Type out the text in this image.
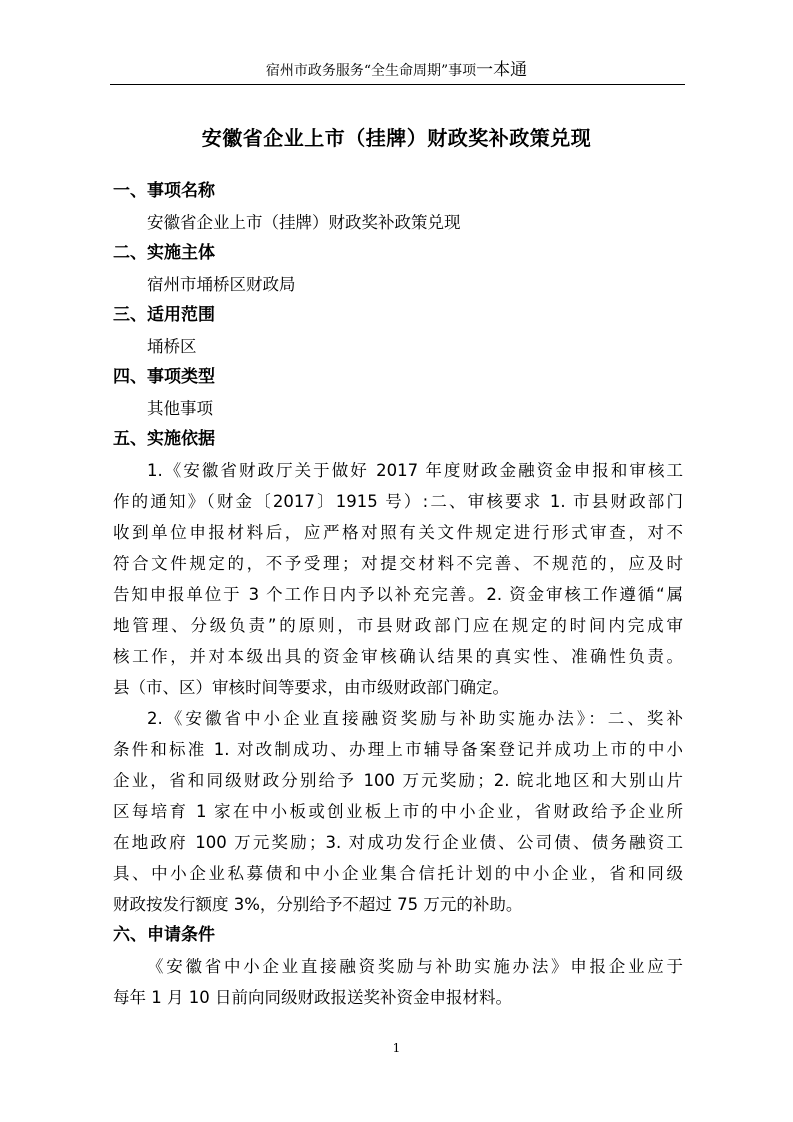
宿州市政务服务“全生命周期”事项一本通
安徽省企业上市（挂牌）财政奖补政策兑现
一、事项名称
安徽省企业上市（挂牌）财政奖补政策兑现
二、实施主体
宿州市埇桥区财政局
三、适用范围
埇桥区
四、事项类型
其他事项
五、实施依据
1.《安徽省财政厅关于做好 2017 年度财政金融资金申报和审核工
作的通知》（财金〔2017〕1915 号）:二、审核要求 1. 市县财政部门
收到单位申报材料后，应严格对照有关文件规定进行形式审查，对不
符合文件规定的，不予受理；对提交材料不完善、不规范的，应及时
告知申报单位于 3 个工作日内予以补充完善。2. 资金审核工作遵循“属
地管理、分级负责”的原则，市县财政部门应在规定的时间内完成审
核工作，并对本级出具的资金审核确认结果的真实性、准确性负责。
县（市、区）审核时间等要求，由市级财政部门确定。
2.《安徽省中小企业直接融资奖励与补助实施办法》：二、奖补
条件和标准 1. 对改制成功、办理上市辅导备案登记并成功上市的中小
企业，省和同级财政分别给予 100 万元奖励；2. 皖北地区和大别山片
区每培育 1 家在中小板或创业板上市的中小企业，省财政给予企业所
在地政府 100 万元奖励；3. 对成功发行企业债、公司债、债务融资工
具、中小企业私募债和中小企业集合信托计划的中小企业，省和同级
财政按发行额度 3%，分别给予不超过 75 万元的补助。
六、申请条件
《安徽省中小企业直接融资奖励与补助实施办法》申报企业应于
每年 1 月 10 日前向同级财政报送奖补资金申报材料。
1
